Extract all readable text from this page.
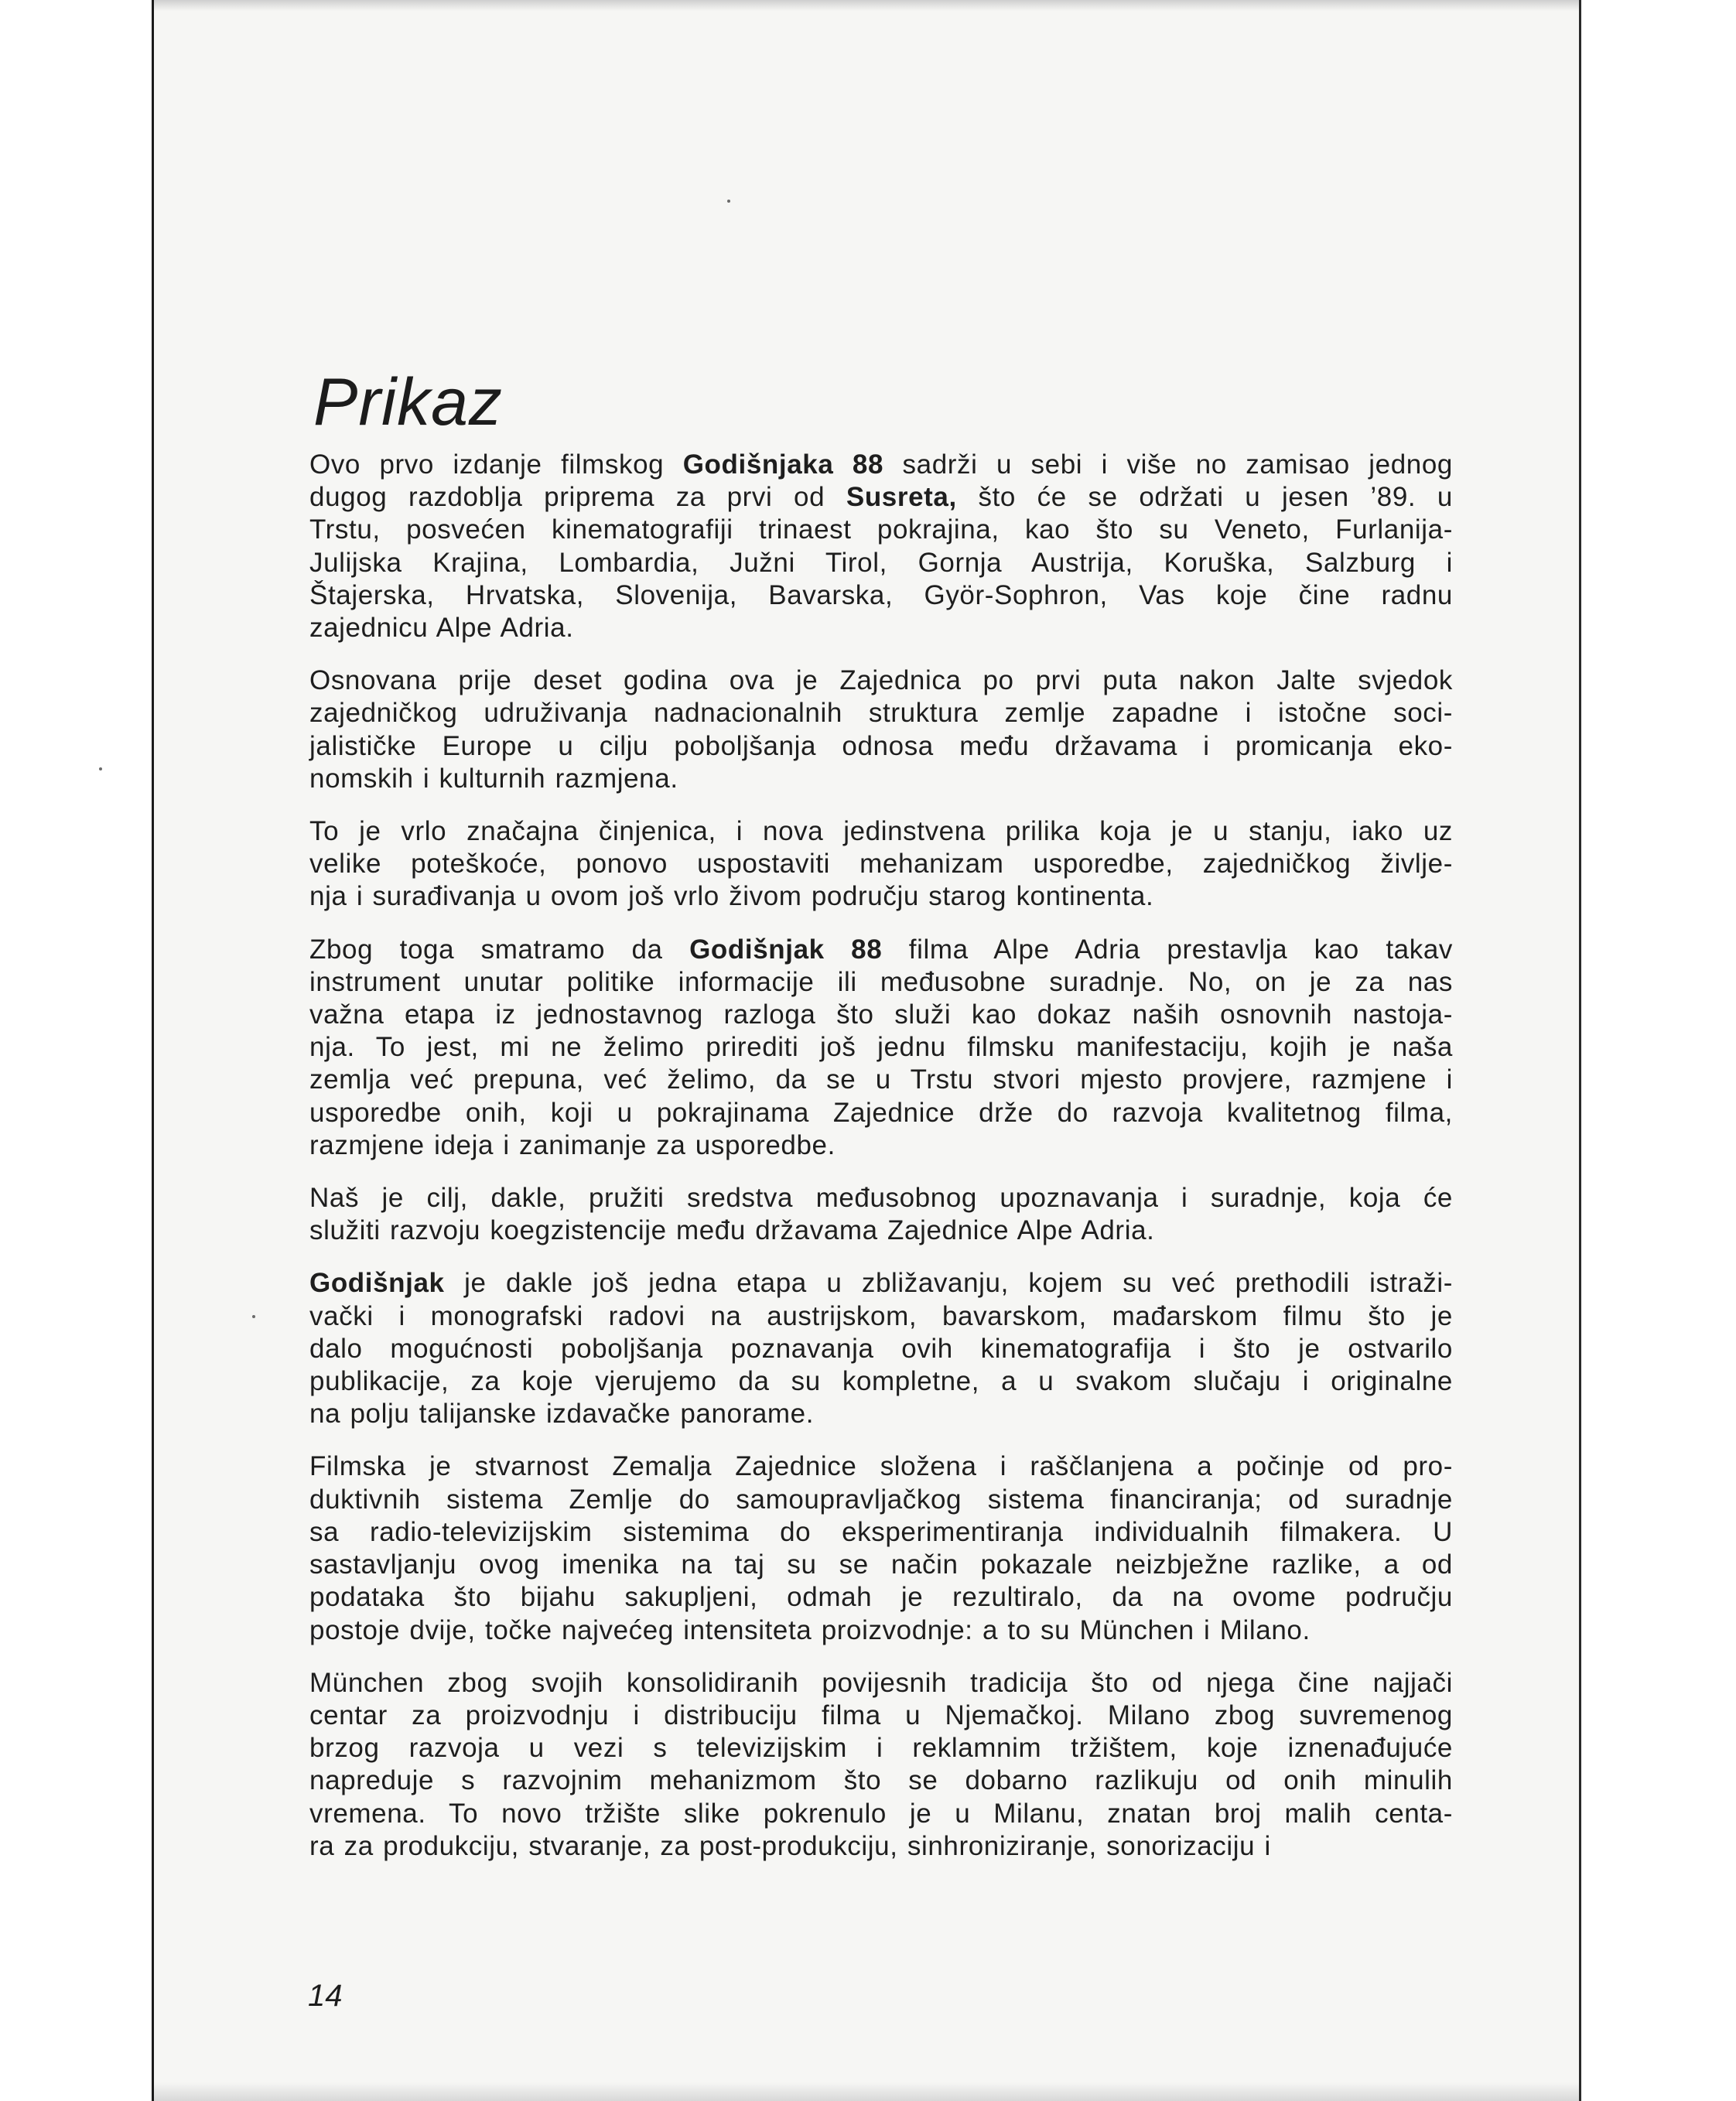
Prikaz
Ovo prvo izdanje filmskog Godišnjaka 88 sadrži u sebi i više no zamisao jednog
dugog razdoblja priprema za prvi od Susreta, što će se održati u jesen ’89. u
Trstu, posvećen kinematografiji trinaest pokrajina, kao što su Veneto, Furlanija-
Julijska Krajina, Lombardia, Južni Tirol, Gornja Austrija, Koruška, Salzburg i
Štajerska, Hrvatska, Slovenija, Bavarska, Györ-Sophron, Vas koje čine radnu
zajednicu Alpe Adria.
Osnovana prije deset godina ova je Zajednica po prvi puta nakon Jalte svjedok
zajedničkog udruživanja nadnacionalnih struktura zemlje zapadne i istočne soci-
jalističke Europe u cilju poboljšanja odnosa među državama i promicanja eko-
nomskih i kulturnih razmjena.
To je vrlo značajna činjenica, i nova jedinstvena prilika koja je u stanju, iako uz
velike poteškoće, ponovo uspostaviti mehanizam usporedbe, zajedničkog življe-
nja i surađivanja u ovom još vrlo živom području starog kontinenta.
Zbog toga smatramo da Godišnjak 88 filma Alpe Adria prestavlja kao takav
instrument unutar politike informacije ili međusobne suradnje. No, on je za nas
važna etapa iz jednostavnog razloga što služi kao dokaz naših osnovnih nastoja-
nja. To jest, mi ne želimo prirediti još jednu filmsku manifestaciju, kojih je naša
zemlja već prepuna, već želimo, da se u Trstu stvori mjesto provjere, razmjene i
usporedbe onih, koji u pokrajinama Zajednice drže do razvoja kvalitetnog filma,
razmjene ideja i zanimanje za usporedbe.
Naš je cilj, dakle, pružiti sredstva međusobnog upoznavanja i suradnje, koja će
služiti razvoju koegzistencije među državama Zajednice Alpe Adria.
Godišnjak je dakle još jedna etapa u zbližavanju, kojem su već prethodili istraži-
vački i monografski radovi na austrijskom, bavarskom, mađarskom filmu što je
dalo mogućnosti poboljšanja poznavanja ovih kinematografija i što je ostvarilo
publikacije, za koje vjerujemo da su kompletne, a u svakom slučaju i originalne
na polju talijanske izdavačke panorame.
Filmska je stvarnost Zemalja Zajednice složena i raščlanjena a počinje od pro-
duktivnih sistema Zemlje do samoupravljačkog sistema financiranja; od suradnje
sa radio-televizijskim sistemima do eksperimentiranja individualnih filmakera. U
sastavljanju ovog imenika na taj su se način pokazale neizbježne razlike, a od
podataka što bijahu sakupljeni, odmah je rezultiralo, da na ovome području
postoje dvije, točke najvećeg intensiteta proizvodnje: a to su München i Milano.
München zbog svojih konsolidiranih povijesnih tradicija što od njega čine najjači
centar za proizvodnju i distribuciju filma u Njemačkoj. Milano zbog suvremenog
brzog razvoja u vezi s televizijskim i reklamnim tržištem, koje iznenađujuće
napreduje s razvojnim mehanizmom što se dobarno razlikuju od onih minulih
vremena. To novo tržište slike pokrenulo je u Milanu, znatan broj malih centa-
ra za produkciju, stvaranje, za post-produkciju, sinhroniziranje, sonorizaciju i
14
